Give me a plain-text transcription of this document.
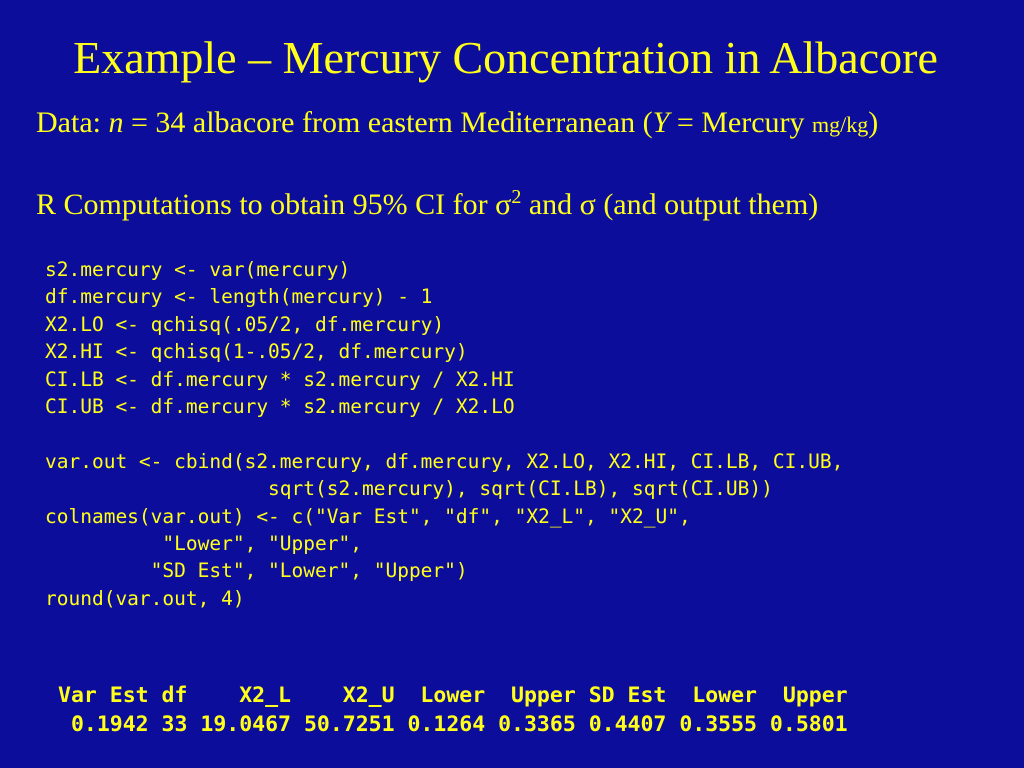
Example – Mercury Concentration in Albacore
Data: n = 34 albacore from eastern Mediterranean (Y = Mercury mg/kg)
R Computations to obtain 95% CI for $\sigma^2$ and σ (and output them)
s2.mercury <- var(mercury)
df.mercury <- length(mercury) - 1
X2.LO <- qchisq(.05/2, df.mercury)
X2.HI <- qchisq(1-.05/2, df.mercury)
CI.LB <- df.mercury * s2.mercury / X2.HI
CI.UB <- df.mercury * s2.mercury / X2.LO

var.out <- cbind(s2.mercury, df.mercury, X2.LO, X2.HI, CI.LB, CI.UB,
sqrt(s2.mercury), sqrt(CI.LB), sqrt(CI.UB))
colnames(var.out) <- c("Var Est", "df", "X2_L", "X2_U",
"Lower", "Upper",
"SD Est", "Lower", "Upper")
round(var.out, 4)
Var Est df    X2_L    X2_U  Lower  Upper SD Est  Lower  Upper
0.1942 33 19.0467 50.7251 0.1264 0.3365 0.4407 0.3555 0.5801
